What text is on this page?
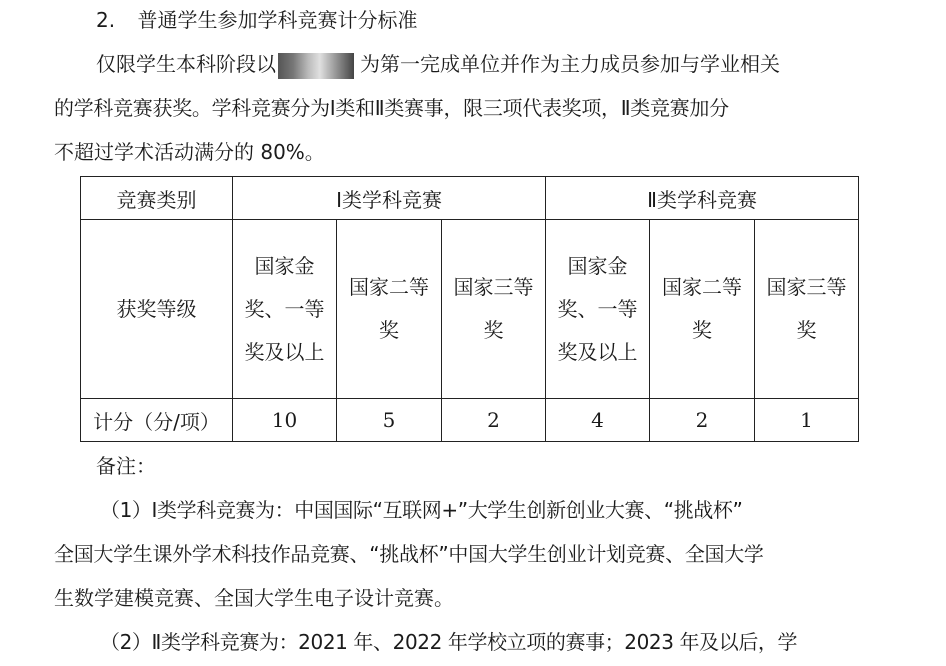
2. 普通学生参加学科竞赛计分标准
仅限学生本科阶段以	为第一完成单位并作为主力成员参加与学业相关
的学科竞赛获奖。学科竞赛分为Ⅰ类和Ⅱ类赛事，限三项代表奖项，Ⅱ类竞赛加分
不超过学术活动满分的 80%。
竞赛类别	Ⅰ类学科竞赛			Ⅱ类学科竞赛		
获奖等级	国家金奖、一等奖及以上	国家二等奖	国家三等奖	国家金奖、一等奖及以上	国家二等奖	国家三等奖
计分（分/项）	10	5	2	4	2	1
备注：
（1）Ⅰ类学科竞赛为：中国国际“互联网+”大学生创新创业大赛、“挑战杯”
全国大学生课外学术科技作品竞赛、“挑战杯”中国大学生创业计划竞赛、全国大学
生数学建模竞赛、全国大学生电子设计竞赛。
（2）Ⅱ类学科竞赛为：2021 年、2022 年学校立项的赛事；2023 年及以后，学
